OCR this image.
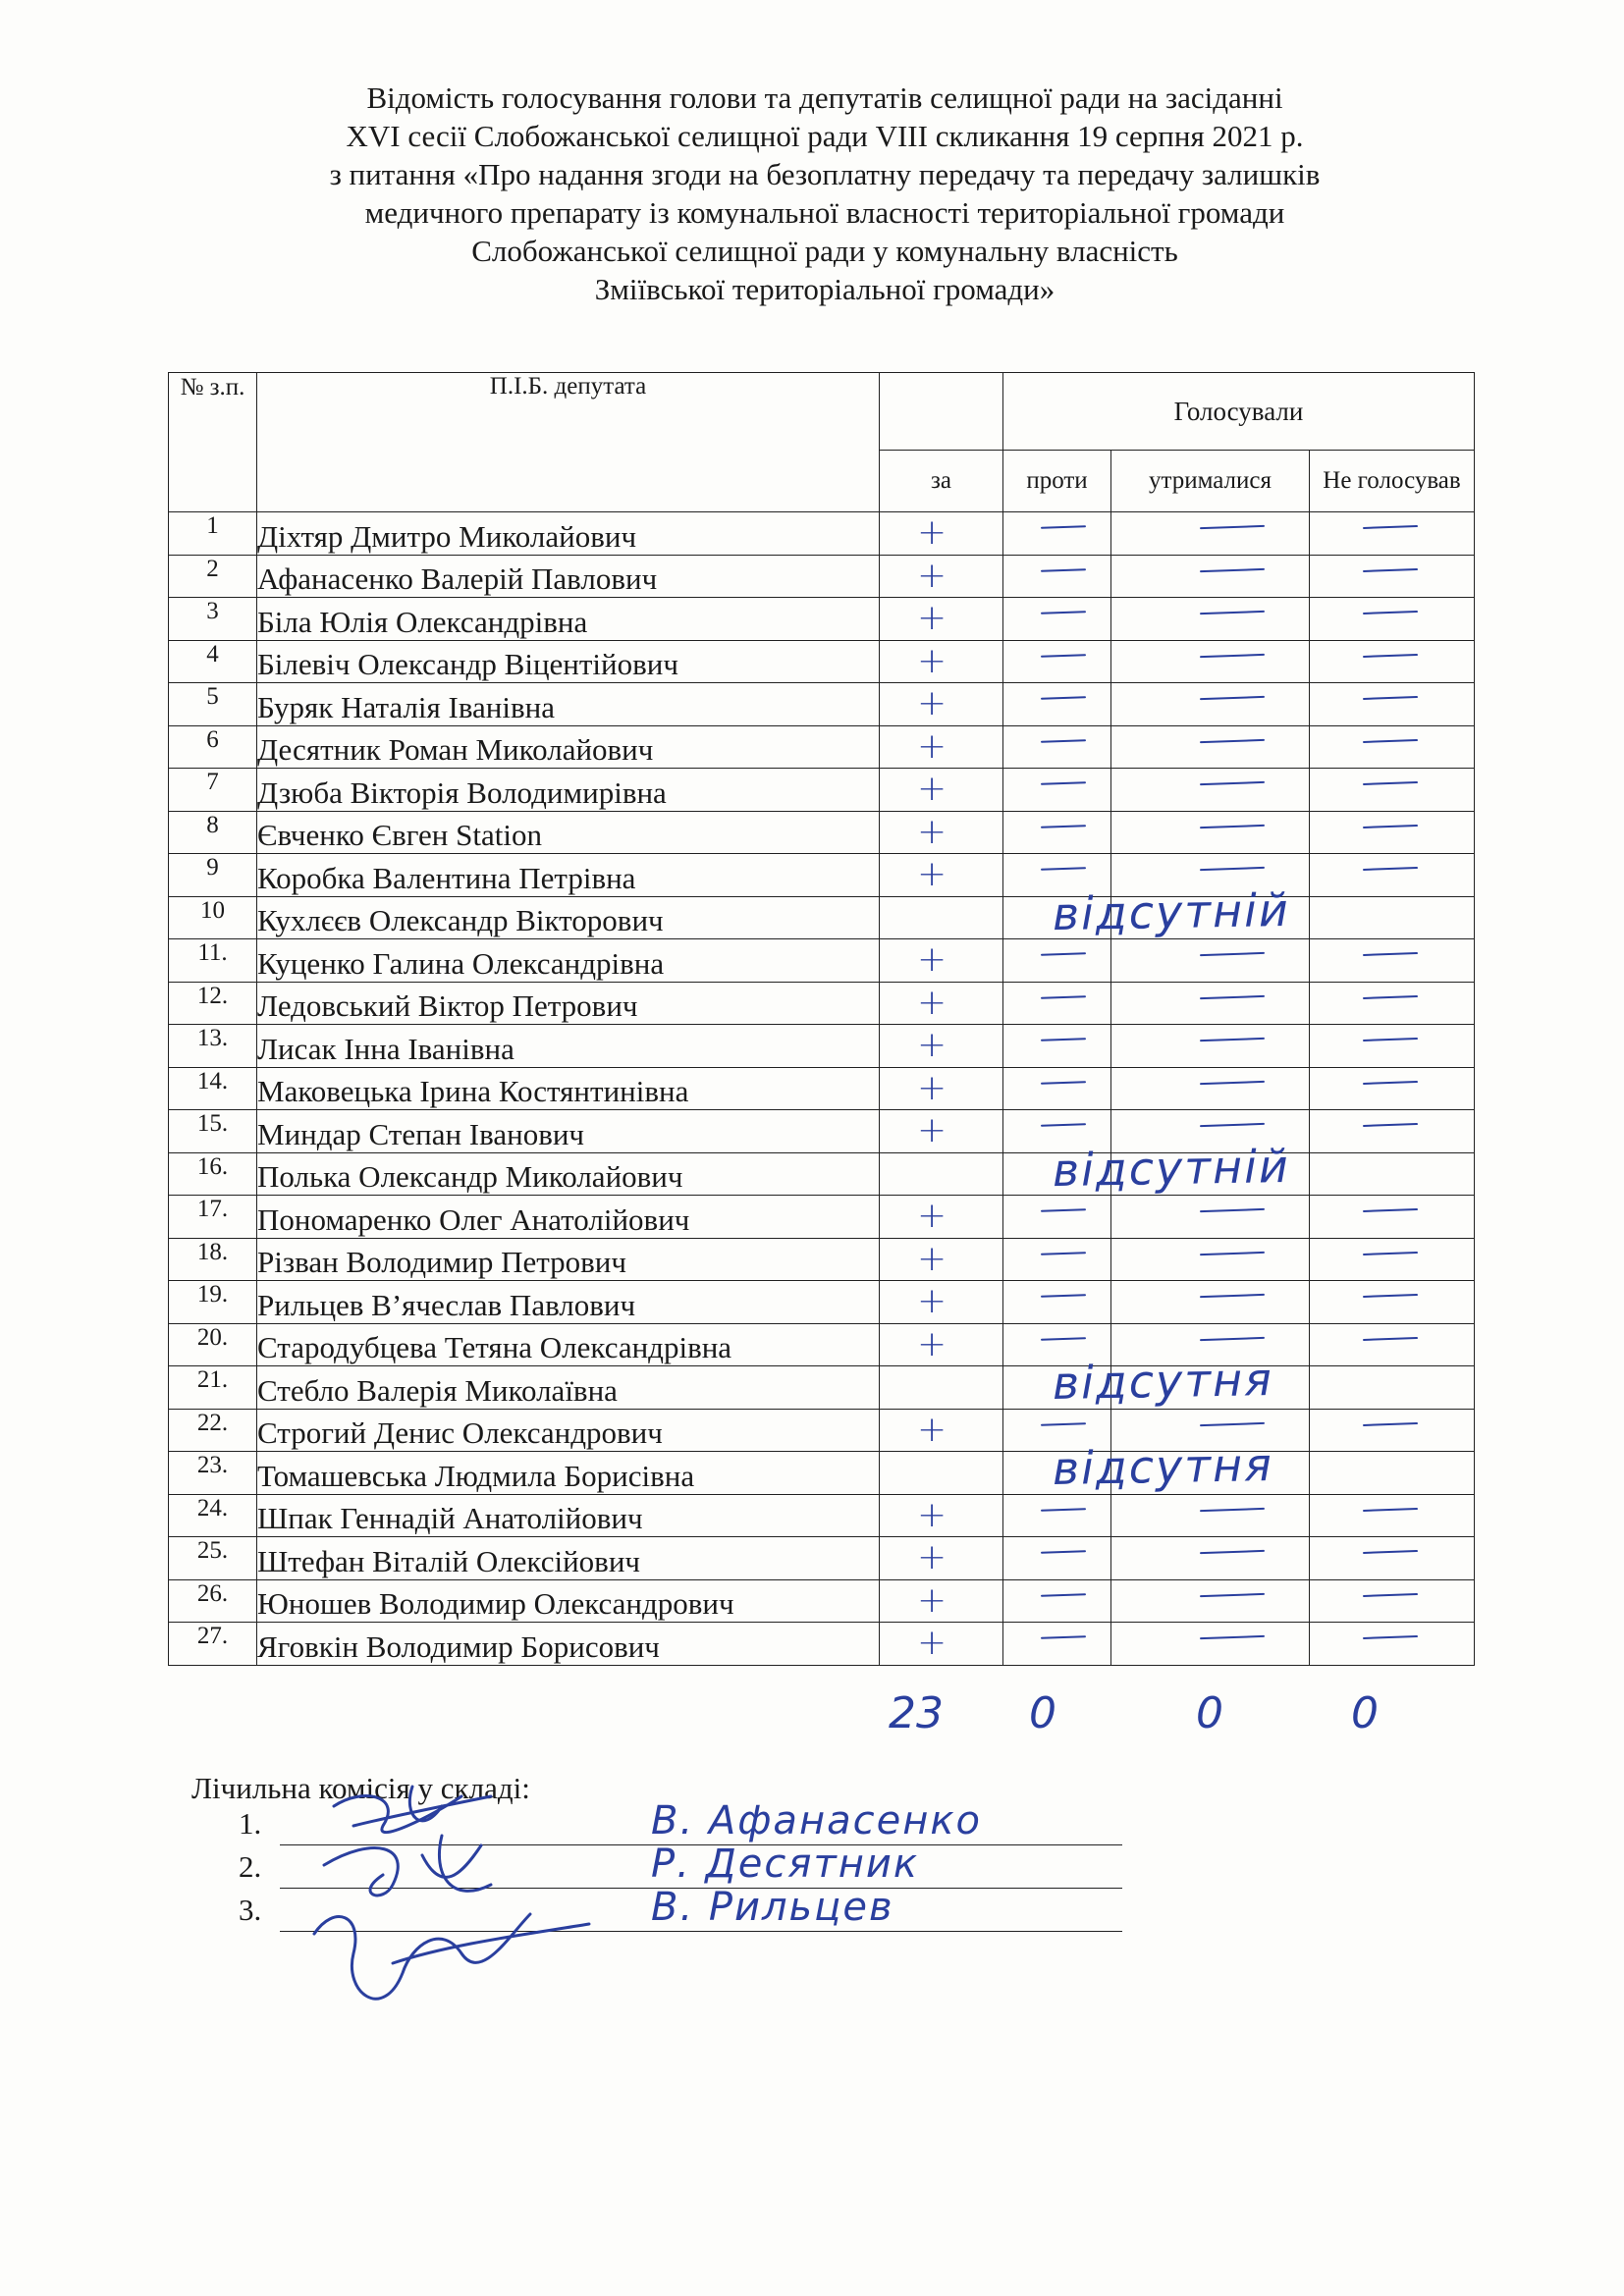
Відомість голосування голови та депутатів селищної ради на засіданні
XVI сесії Слобожанської селищної ради VIII скликання 19 серпня 2021 р.
з питання «Про надання згоди на безоплатну передачу та передачу залишків
медичного препарату із комунальної власності територіальної громади
Слобожанської селищної ради у комунальну власність
Зміївської територіальної громади»
№ з.п.	П.І.Б. депутата		Голосували		
		за	проти	утрималися	Не голосував
1	Діхтяр Дмитро Миколайович	+			

2	Афанасенко Валерій Павлович	+			

3	Біла Юлія Олександрівна	+			

4	Білевіч Олександр Віцентійович	+			

5	Буряк Наталія Іванівна	+			

6	Десятник Роман Миколайович	+			

7	Дзюба Вікторія Володимирівна	+			

8	Євченко Євген Station	+			

9	Коробка Валентина Петрівна	+			

10	Кухлєєв Олександр Вікторович		відсутній		

11.	Куценко Галина Олександрівна	+			

12.	Ледовський Віктор Петрович	+			

13.	Лисак Інна Іванівна	+			

14.	Маковецька Ірина Костянтинівна	+			

15.	Миндар Степан Іванович	+			

16.	Полька Олександр Миколайович		відсутній		

17.	Пономаренко Олег Анатолійович	+			

18.	Різван Володимир Петрович	+			

19.	Рильцев В’ячеслав Павлович	+			

20.	Стародубцева Тетяна Олександрівна	+			

21.	Стебло Валерія Миколаївна		відсутня		

22.	Строгий Денис Олександрович	+			

23.	Томашевська Людмила Борисівна		відсутня		

24.	Шпак Геннадій Анатолійович	+			

25.	Штефан Віталій Олексійович	+			

26.	Юношев Володимир Олександрович	+			

27.	Яговкін Володимир Борисович	+			

23 0	0	0
Лічильна комісія у складі:
1.	В. Афанасенко
2.	Р. Десятник
3.	В. Рильцев
